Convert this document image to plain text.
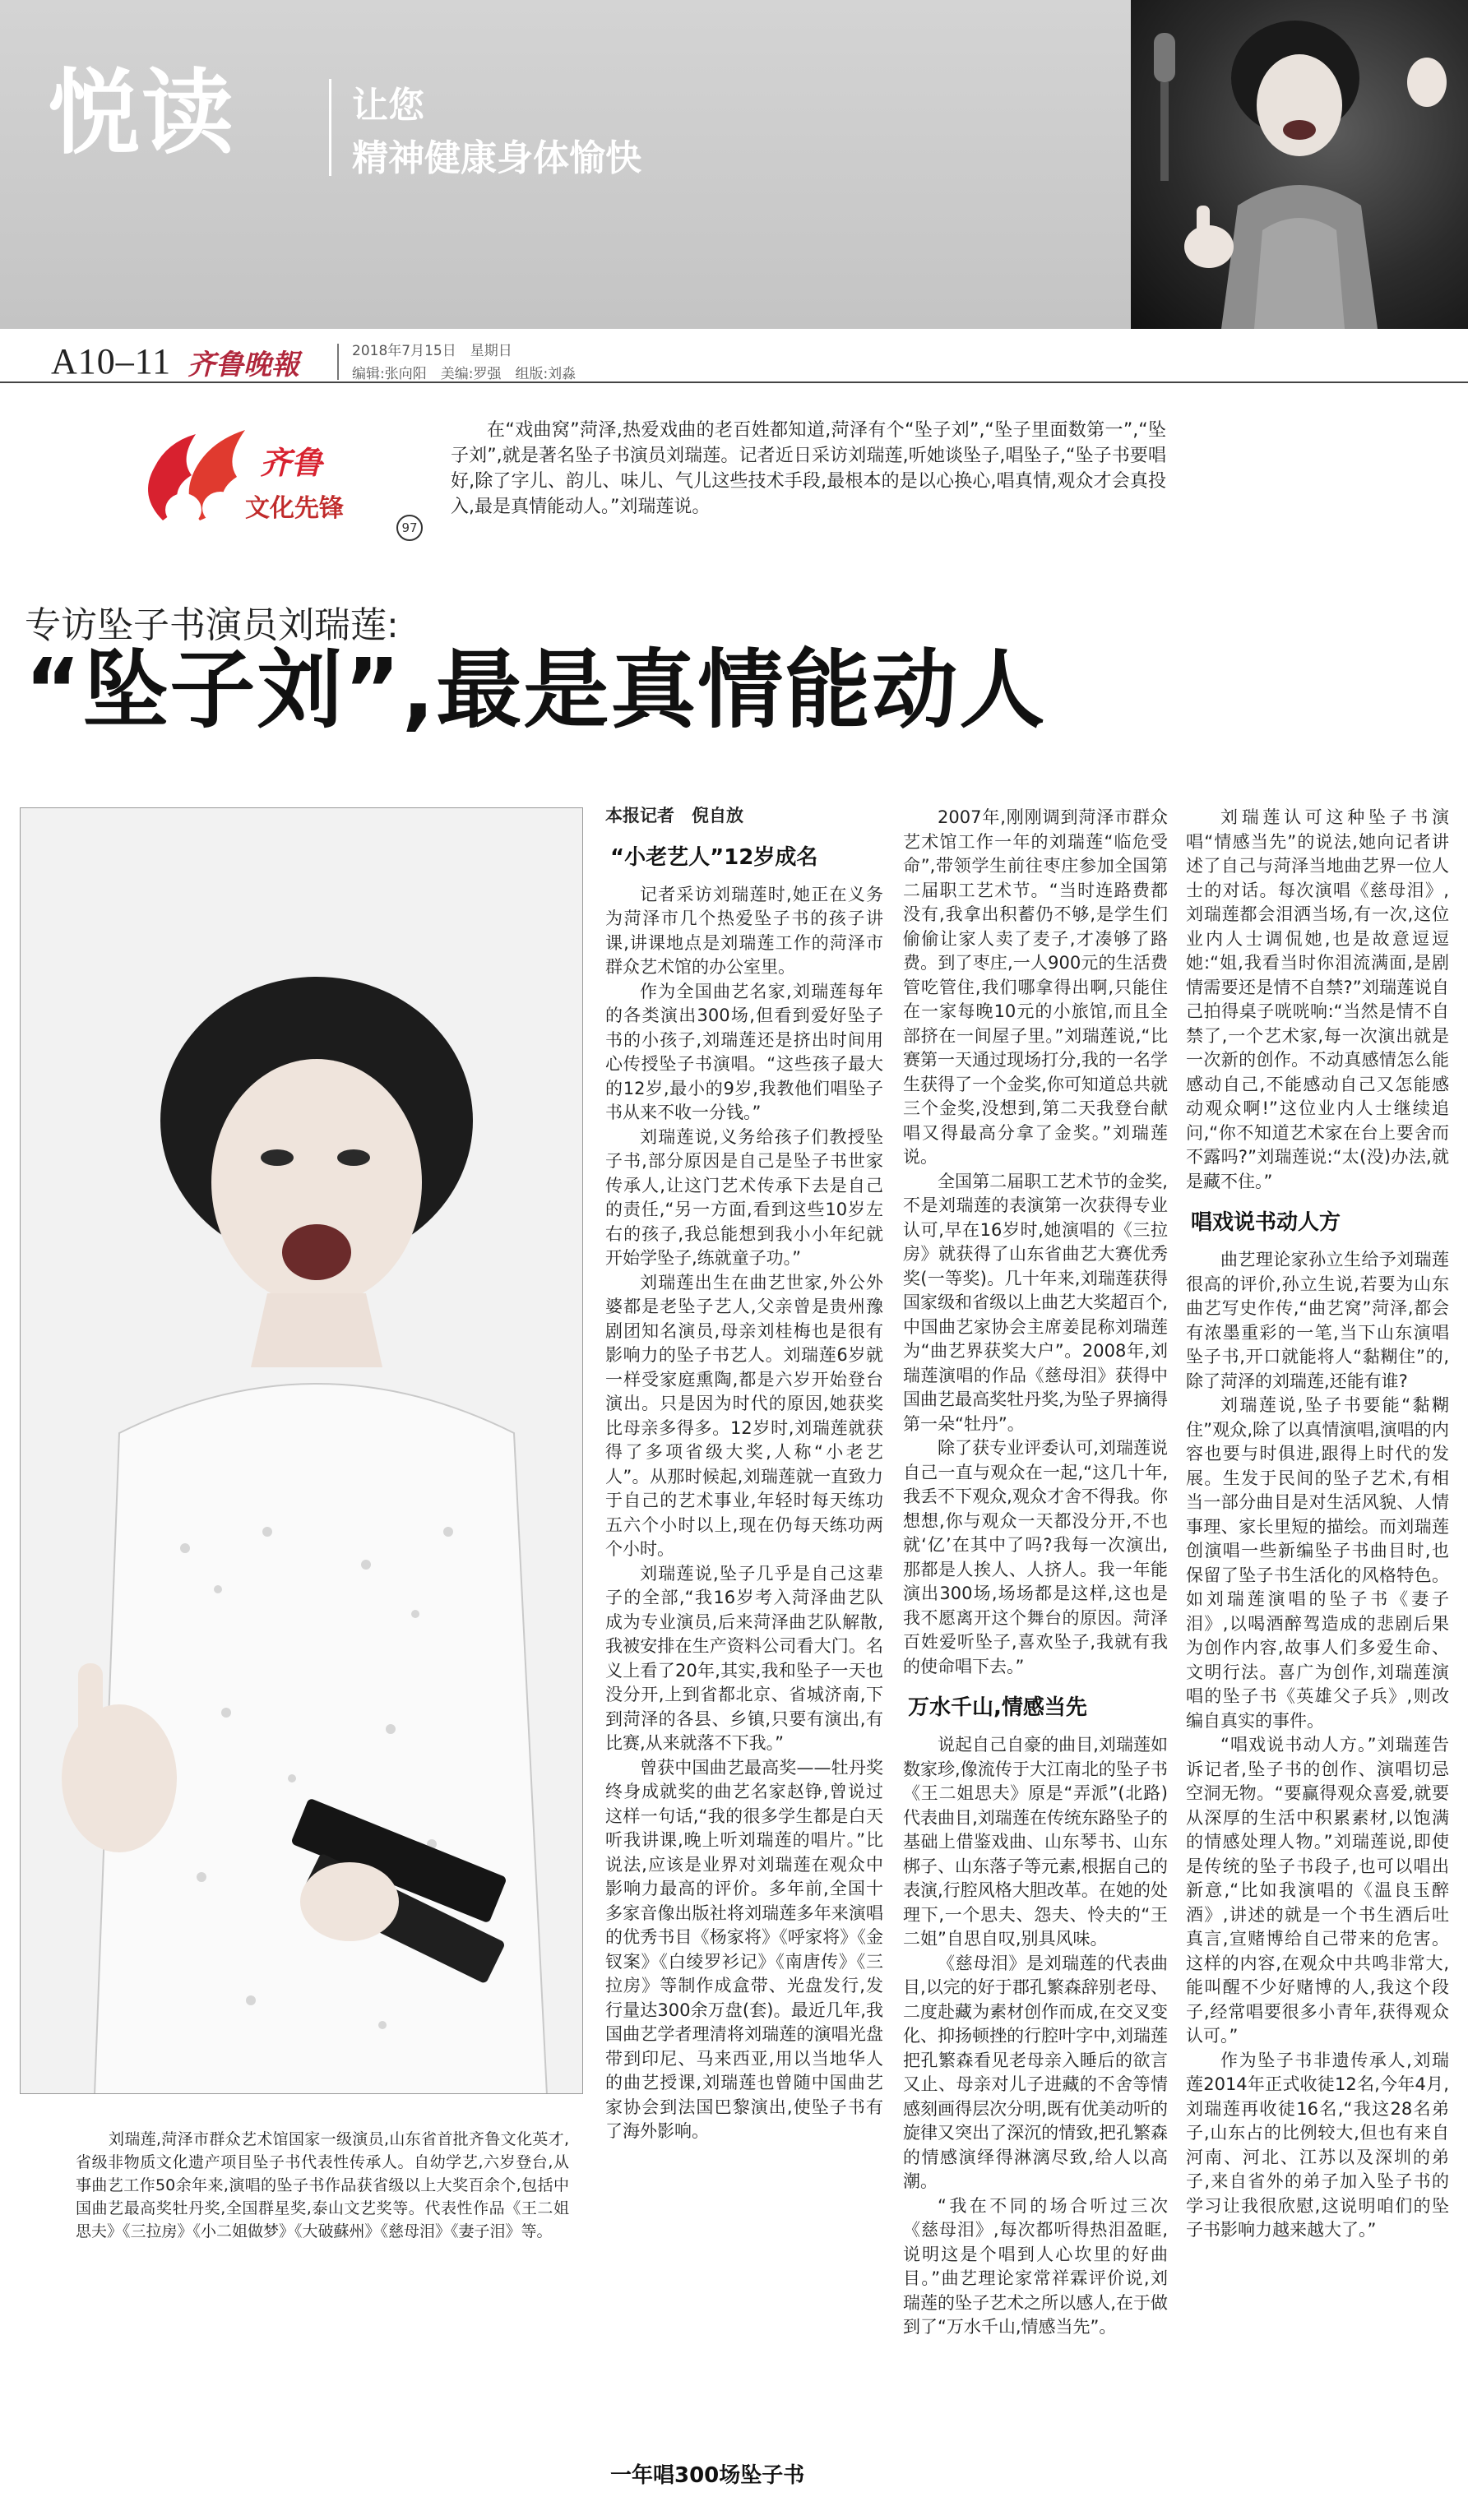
悦读	让您
精神健康身体愉快
A10–11 齐鲁晚報	2018年7月15日　星期日
编辑:张向阳　美编:罗强　组版:刘淼
齐鲁
文化先锋
97
在“戏曲窝”菏泽,热爱戏曲的老百姓都知道,菏泽有个“坠子刘”,“坠子里面数第一”,“坠子刘”,就是著名坠子书演员刘瑞莲。记者近日采访刘瑞莲,听她谈坠子,唱坠子,“坠子书要唱好,除了字儿、韵儿、味儿、气儿这些技术手段,最根本的是以心换心,唱真情,观众才会真投入,最是真情能动人。”刘瑞莲说。
专访坠子书演员刘瑞莲:
“坠子刘”,最是真情能动人
刘瑞莲,菏泽市群众艺术馆国家一级演员,山东省首批齐鲁文化英才,省级非物质文化遗产项目坠子书代表性传承人。自幼学艺,六岁登台,从事曲艺工作50余年来,演唱的坠子书作品获省级以上大奖百余个,包括中国曲艺最高奖牡丹奖,全国群星奖,泰山文艺奖等。代表性作品《王二姐思夫》《三拉房》《小二姐做梦》《大破蘇州》《慈母泪》《妻子泪》等。

本报记者　倪自放

“小老艺人”12岁成名

记者采访刘瑞莲时,她正在义务为菏泽市几个热爱坠子书的孩子讲课,讲课地点是刘瑞莲工作的菏泽市群众艺术馆的办公室里。

作为全国曲艺名家,刘瑞莲每年的各类演出300场,但看到爱好坠子书的小孩子,刘瑞莲还是挤出时间用心传授坠子书演唱。“这些孩子最大的12岁,最小的9岁,我教他们唱坠子书从来不收一分钱。”

刘瑞莲说,义务给孩子们教授坠子书,部分原因是自己是坠子书世家传承人,让这门艺术传承下去是自己的责任,“另一方面,看到这些10岁左右的孩子,我总能想到我小小年纪就开始学坠子,练就童子功。”

刘瑞莲出生在曲艺世家,外公外婆都是老坠子艺人,父亲曾是贵州豫剧团知名演员,母亲刘桂梅也是很有影响力的坠子书艺人。刘瑞莲6岁就一样受家庭熏陶,都是六岁开始登台演出。只是因为时代的原因,她获奖比母亲多得多。12岁时,刘瑞莲就获得了多项省级大奖,人称“小老艺人”。从那时候起,刘瑞莲就一直致力于自己的艺术事业,年轻时每天练功五六个小时以上,现在仍每天练功两个小时。

刘瑞莲说,坠子几乎是自己这辈子的全部,“我16岁考入菏泽曲艺队成为专业演员,后来菏泽曲艺队解散,我被安排在生产资料公司看大门。名义上看了20年,其实,我和坠子一天也没分开,上到省都北京、省城济南,下到菏泽的各县、乡镇,只要有演出,有比赛,从来就落不下我。”

曾获中国曲艺最高奖——牡丹奖终身成就奖的曲艺名家赵铮,曾说过这样一句话,“我的很多学生都是白天听我讲课,晚上听刘瑞莲的唱片。”比说法,应该是业界对刘瑞莲在观众中影响力最高的评价。多年前,全国十多家音像出版社将刘瑞莲多年来演唱的优秀书目《杨家将》《呼家将》《金钗案》《白绫罗衫记》《南唐传》《三拉房》等制作成盒带、光盘发行,发行量达300余万盘(套)。最近几年,我国曲艺学者理清将刘瑞莲的演唱光盘带到印尼、马来西亚,用以当地华人的曲艺授课,刘瑞莲也曾随中国曲艺家协会到法国巴黎演出,使坠子书有了海外影响。

一年唱300场坠子书

2007年,刚刚调到菏泽市群众艺术馆工作一年的刘瑞莲“临危受命”,带领学生前往枣庄参加全国第二届职工艺术节。“当时连路费都没有,我拿出积蓄仍不够,是学生们偷偷让家人卖了麦子,才凑够了路费。到了枣庄,一人900元的生活费管吃管住,我们哪拿得出啊,只能住在一家每晚10元的小旅馆,而且全部挤在一间屋子里。”刘瑞莲说,“比赛第一天通过现场打分,我的一名学生获得了一个金奖,你可知道总共就三个金奖,没想到,第二天我登台献唱又得最高分拿了金奖。”刘瑞莲说。

全国第二届职工艺术节的金奖,不是刘瑞莲的表演第一次获得专业认可,早在16岁时,她演唱的《三拉房》就获得了山东省曲艺大赛优秀奖(一等奖)。几十年来,刘瑞莲获得国家级和省级以上曲艺大奖超百个,中国曲艺家协会主席姜昆称刘瑞莲为“曲艺界获奖大户”。2008年,刘瑞莲演唱的作品《慈母泪》获得中国曲艺最高奖牡丹奖,为坠子界摘得第一朵“牡丹”。

除了获专业评委认可,刘瑞莲说自己一直与观众在一起,“这几十年,我丢不下观众,观众才舍不得我。你想想,你与观众一天都没分开,不也就‘亿’在其中了吗?我每一次演出,那都是人挨人、人挤人。我一年能演出300场,场场都是这样,这也是我不愿离开这个舞台的原因。菏泽百姓爱听坠子,喜欢坠子,我就有我的使命唱下去。”

万水千山,情感当先

说起自己自豪的曲目,刘瑞莲如数家珍,像流传于大江南北的坠子书《王二姐思夫》原是“弄派”(北路)代表曲目,刘瑞莲在传统东路坠子的基础上借鉴戏曲、山东琴书、山东梆子、山东落子等元素,根据自己的表演,行腔风格大胆改革。在她的处理下,一个思夫、怨夫、怜夫的“王二姐”自思自叹,别具风味。

《慈母泪》是刘瑞莲的代表曲目,以完的好于郡孔繁森辞别老母、二度赴藏为素材创作而成,在交叉变化、抑扬顿挫的行腔叶字中,刘瑞莲把孔繁森看见老母亲入睡后的欲言又止、母亲对儿子进藏的不舍等情感刻画得层次分明,既有优美动听的旋律又突出了深沉的情致,把孔繁森的情感演绎得淋漓尽致,给人以高潮。

“我在不同的场合听过三次《慈母泪》,每次都听得热泪盈眶,说明这是个唱到人心坎里的好曲目。”曲艺理论家常祥霖评价说,刘瑞莲的坠子艺术之所以感人,在于做到了“万水千山,情感当先”。

刘瑞莲认可这种坠子书演唱“情感当先”的说法,她向记者讲述了自己与菏泽当地曲艺界一位人士的对话。每次演唱《慈母泪》,刘瑞莲都会泪洒当场,有一次,这位业内人士调侃她,也是故意逗逗她:“姐,我看当时你泪流满面,是剧情需要还是情不自禁?”刘瑞莲说自己拍得桌子咣咣响:“当然是情不自禁了,一个艺术家,每一次演出就是一次新的创作。不动真感情怎么能感动自己,不能感动自己又怎能感动观众啊!”这位业内人士继续追问,“你不知道艺术家在台上要舍而不露吗?”刘瑞莲说:“太(没)办法,就是藏不住。”

唱戏说书动人方

曲艺理论家孙立生给予刘瑞莲很高的评价,孙立生说,若要为山东曲艺写史作传,“曲艺窝”菏泽,都会有浓墨重彩的一笔,当下山东演唱坠子书,开口就能将人“黏糊住”的,除了菏泽的刘瑞莲,还能有谁?

刘瑞莲说,坠子书要能“黏糊住”观众,除了以真情演唱,演唱的内容也要与时俱进,跟得上时代的发展。生发于民间的坠子艺术,有相当一部分曲目是对生活风貌、人情事理、家长里短的描绘。而刘瑞莲创演唱一些新编坠子书曲目时,也保留了坠子书生活化的风格特色。如刘瑞莲演唱的坠子书《妻子泪》,以喝酒醉驾造成的悲剧后果为创作内容,故事人们多爱生命、文明行法。喜广为创作,刘瑞莲演唱的坠子书《英雄父子兵》,则改编自真实的事件。

“唱戏说书动人方。”刘瑞莲告诉记者,坠子书的创作、演唱切忌空洞无物。“要赢得观众喜爱,就要从深厚的生活中积累素材,以饱满的情感处理人物。”刘瑞莲说,即使是传统的坠子书段子,也可以唱出新意,“比如我演唱的《温良玉醉酒》,讲述的就是一个书生酒后吐真言,宣赌博给自己带来的危害。这样的内容,在观众中共鸣非常大,能叫醒不少好赌博的人,我这个段子,经常唱要很多小青年,获得观众认可。”

作为坠子书非遗传承人,刘瑞莲2014年正式收徒12名,今年4月,刘瑞莲再收徒16名,“我这28名弟子,山东占的比例较大,但也有来自河南、河北、江苏以及深圳的弟子,来自省外的弟子加入坠子书的学习让我很欣慰,这说明咱们的坠子书影响力越来越大了。”
